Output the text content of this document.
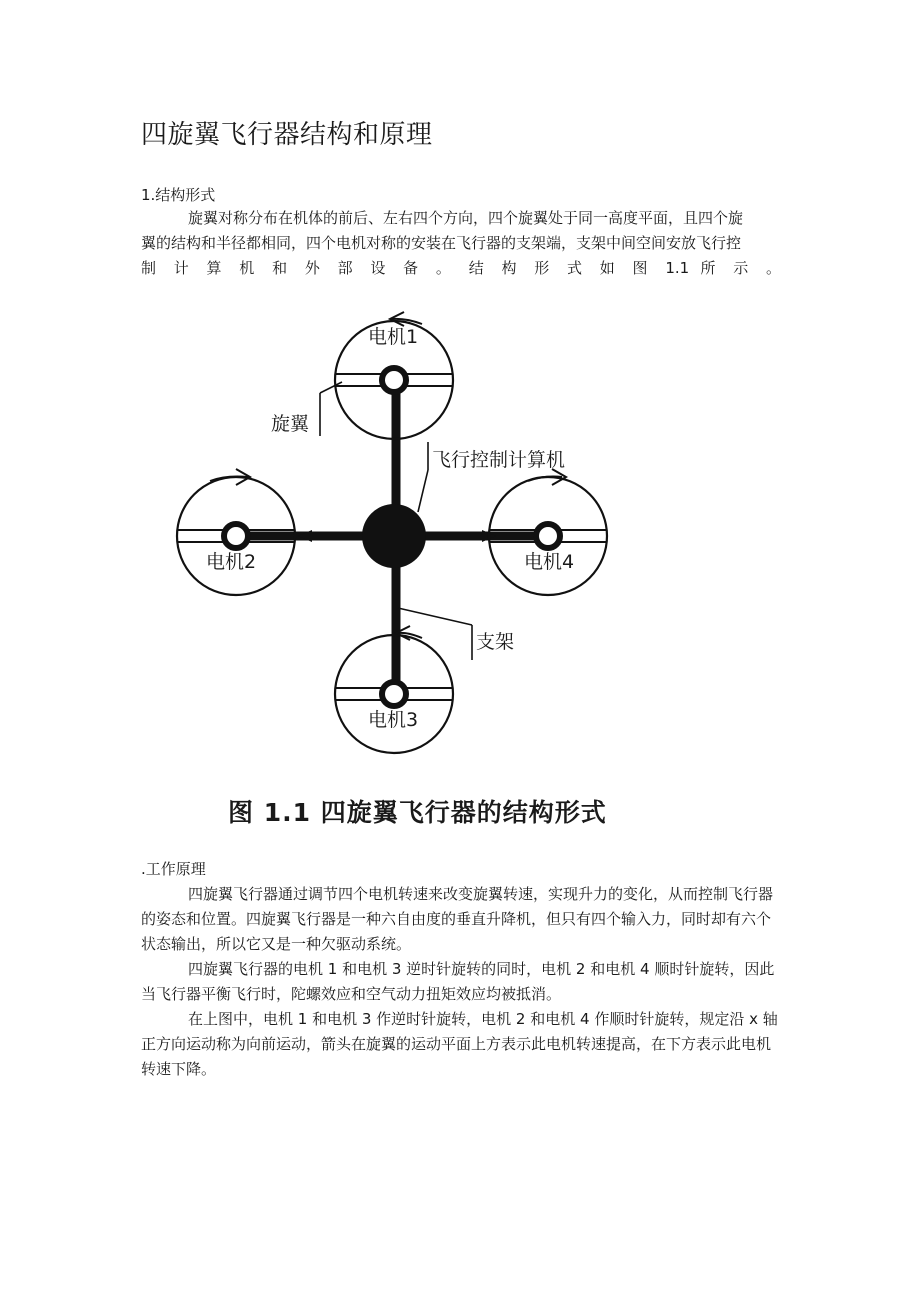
四旋翼飞行器结构和原理

1.结构形式

旋翼对称分布在机体的前后、左右四个方向，四个旋翼处于同一高度平面，且四个旋

翼的结构和半径都相同，四个电机对称的安装在飞行器的支架端，支架中间空间安放飞行控

制 计 算 机 和 外 部 设 备 。 结 构 形 式 如 图 1.1 所 示 。

电机1
电机2
电机3
电机4
旋翼
飞行控制计算机
支架

图 1.1 四旋翼飞行器的结构形式

.工作原理

四旋翼飞行器通过调节四个电机转速来改变旋翼转速，实现升力的变化，从而控制飞行器的姿态和位置。四旋翼飞行器是一种六自由度的垂直升降机，但只有四个输入力，同时却有六个状态输出，所以它又是一种欠驱动系统。

四旋翼飞行器的电机 1 和电机 3 逆时针旋转的同时，电机 2 和电机 4 顺时针旋转，因此当飞行器平衡飞行时，陀螺效应和空气动力扭矩效应均被抵消。

在上图中，电机 1 和电机 3 作逆时针旋转，电机 2 和电机 4 作顺时针旋转，规定沿 x 轴正方向运动称为向前运动，箭头在旋翼的运动平面上方表示此电机转速提高，在下方表示此电机转速下降。
